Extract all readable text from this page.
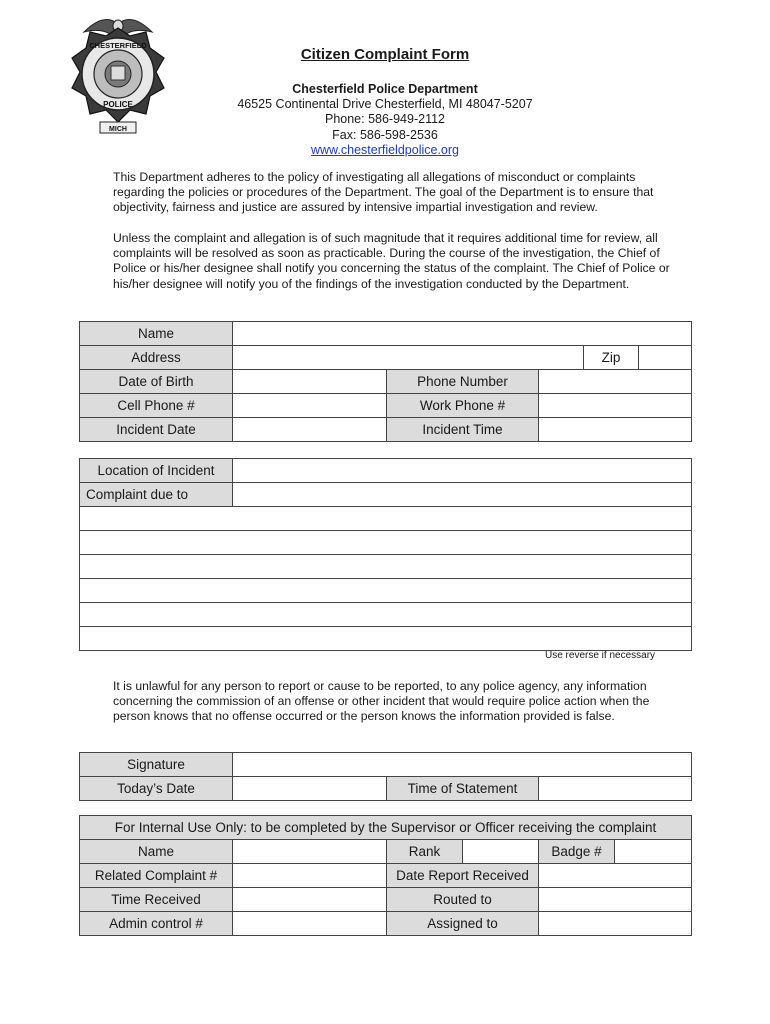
CHESTERFIELD
POLICE
MICH
Citizen Complaint Form
Chesterfield Police Department
46525 Continental Drive Chesterfield, MI 48047-5207
Phone: 586-949-2112
Fax: 586-598-2536
www.chesterfieldpolice.org
This Department adheres to the policy of investigating all allegations of misconduct or complaints regarding the policies or procedures of the Department. The goal of the Department is to ensure that objectivity, fairness and justice are assured by intensive impartial investigation and review.
Unless the complaint and allegation is of such magnitude that it requires additional time for review, all complaints will be resolved as soon as practicable. During the course of the investigation, the Chief of Police or his/her designee shall notify you concerning the status of the complaint. The Chief of Police or his/her designee will notify you of the findings of the investigation conducted by the Department.
Name					
Address				Zip	
Date of Birth		Phone Number			
Cell Phone #		Work Phone #			
Incident Date		Incident Time			
Location of Incident	
Complaint due to	

Use reverse if necessary
It is unlawful for any person to report or cause to be reported, to any police agency, any information concerning the commission of an offense or other incident that would require police action when the person knows that no offense occurred or the person knows the information provided is false.
Signature			
Today’s Date		Time of Statement	
For Internal Use Only: to be completed by the Supervisor or Officer receiving the complaint					
Name		Rank		Badge #	
Related Complaint #		Date Report Received			
Time Received		Routed to			
Admin control #		Assigned to			
